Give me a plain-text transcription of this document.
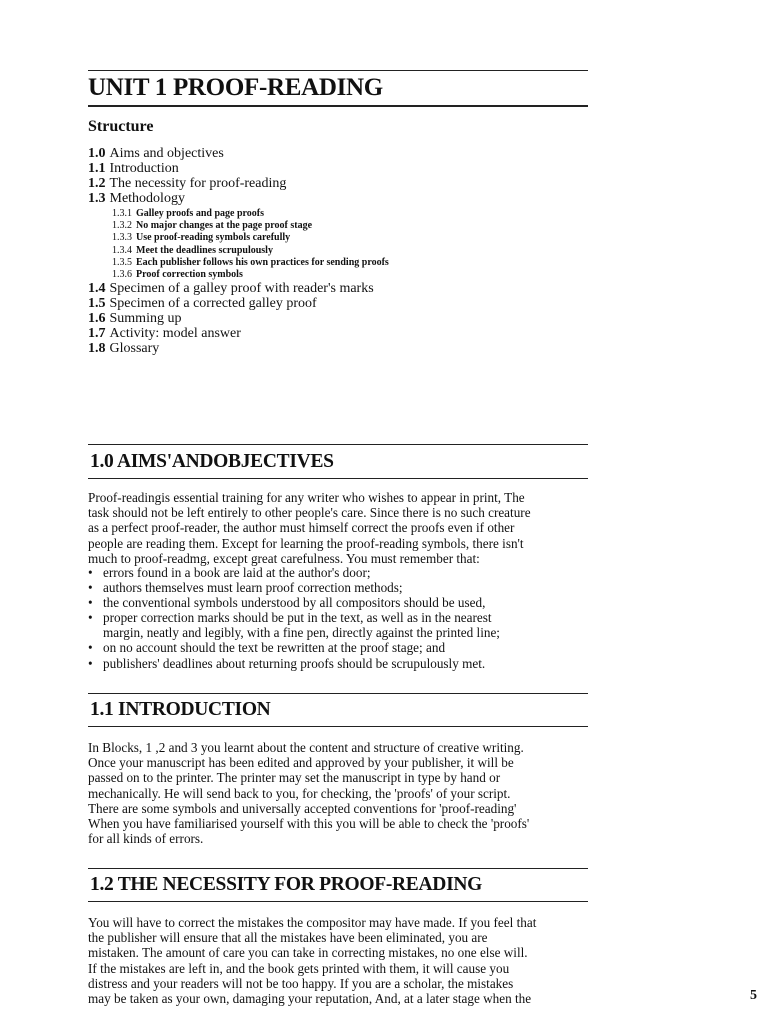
UNIT 1 PROOF-READING
Structure
1.0 Aims and objectives
1.1 Introduction
1.2 The necessity for proof-reading
1.3 Methodology
1.3.1 Galley proofs and page proofs
1.3.2 No major changes at the page proof stage
1.3.3 Use proof-reading symbols carefully
1.3.4 Meet the deadlines scrupulously
1.3.5 Each publisher follows his own practices for sending proofs
1.3.6 Proof correction symbols
1.4 Specimen of a galley proof with reader's marks
1.5 Specimen of a corrected galley proof
1.6 Summing up
1.7 Activity: model answer
1.8 Glossary
1.0 AIMS'ANDOBJECTIVES
Proof-readingis essential training for any writer who wishes to appear in print, The
task should not be left entirely to other people's care. Since there is no such creature
as a perfect proof-reader, the author must himself correct the proofs even if other
people are reading them. Except for learning the proof-reading symbols, there isn't
much to proof-readmg, except great carefulness. You must remember that:
• errors found in a book are laid at the author's door;
• authors themselves must learn proof correction methods;
• the conventional symbols understood by all compositors should be used,
• proper correction marks should be put in the text, as well as in the nearest
margin, neatly and legibly, with a fine pen, directly against the printed line;
• on no account should the text be rewritten at the proof stage; and
• publishers' deadlines about returning proofs should be scrupulously met.
1.1 INTRODUCTION
In Blocks, 1 ,2 and 3 you learnt about the content and structure of creative writing.
Once your manuscript has been edited and approved by your publisher, it will be
passed on to the printer. The printer may set the manuscript in type by hand or
mechanically. He will send back to you, for checking, the 'proofs' of your script.
There are some symbols and universally accepted conventions for 'proof-reading'
When you have familiarised yourself with this you will be able to check the 'proofs'
for all kinds of errors.
1.2 THE NECESSITY FOR PROOF-READING
You will have to correct the mistakes the compositor may have made. If you feel that
the publisher will ensure that all the mistakes have been eliminated, you are
mistaken. The amount of care you can take in correcting mistakes, no one else will.
If the mistakes are left in, and the book gets printed with them, it will cause you
distress and your readers will not be too happy. If you are a scholar, the mistakes
may be taken as your own, damaging your reputation, And, at a later stage when the	5
